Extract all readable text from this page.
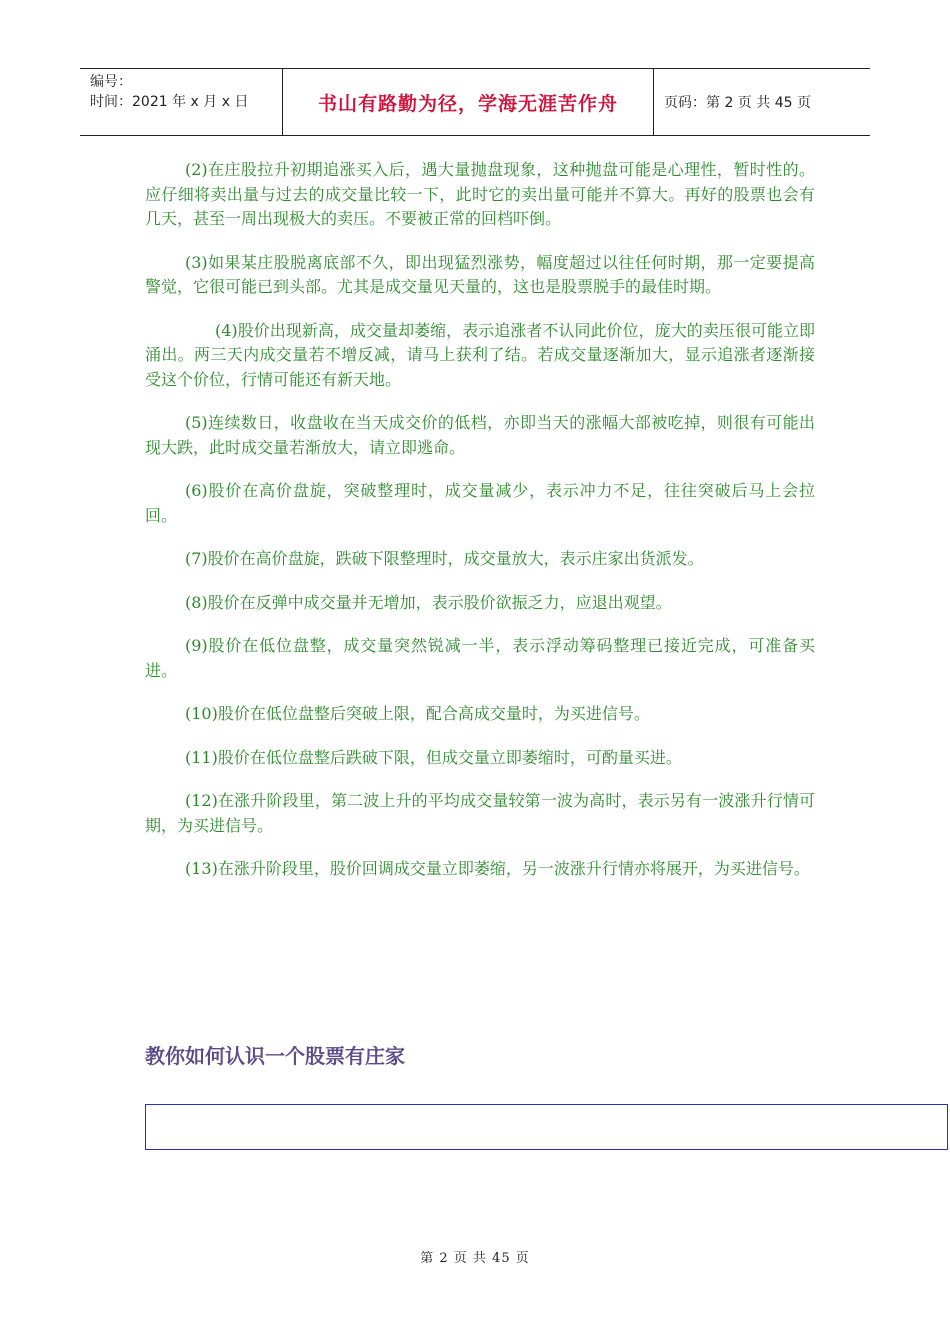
编号：
时间：2021 年 x 月 x 日	书山有路勤为径，学海无涯苦作舟	页码：第 2 页 共 45 页

(2)在庄股拉升初期追涨买入后，遇大量抛盘现象，这种抛盘可能是心理性，暂时性的。应仔细将卖出量与过去的成交量比较一下，此时它的卖出量可能并不算大。再好的股票也会有几天，甚至一周出现极大的卖压。不要被正常的回档吓倒。

(3)如果某庄股脱离底部不久，即出现猛烈涨势，幅度超过以往任何时期，那一定要提高警觉，它很可能已到头部。尤其是成交量见天量的，这也是股票脱手的最佳时期。

(4)股价出现新高，成交量却萎缩，表示追涨者不认同此价位，庞大的卖压很可能立即涌出。两三天内成交量若不增反减，请马上获利了结。若成交量逐渐加大，显示追涨者逐渐接受这个价位，行情可能还有新天地。

(5)连续数日，收盘收在当天成交价的低档，亦即当天的涨幅大部被吃掉，则很有可能出现大跌，此时成交量若渐放大，请立即逃命。

(6)股价在高价盘旋，突破整理时，成交量减少，表示冲力不足，往往突破后马上会拉回。

(7)股价在高价盘旋，跌破下限整理时，成交量放大，表示庄家出货派发。

(8)股价在反弹中成交量并无增加，表示股价欲振乏力，应退出观望。

(9)股价在低位盘整，成交量突然锐减一半，表示浮动筹码整理已接近完成，可准备买进。

(10)股价在低位盘整后突破上限，配合高成交量时，为买进信号。

(11)股价在低位盘整后跌破下限，但成交量立即萎缩时，可酌量买进。

(12)在涨升阶段里，第二波上升的平均成交量较第一波为高时，表示另有一波涨升行情可期，为买进信号。

(13)在涨升阶段里，股价回调成交量立即萎缩，另一波涨升行情亦将展开，为买进信号。

教你如何认识一个股票有庄家
第 2 页 共 45 页
